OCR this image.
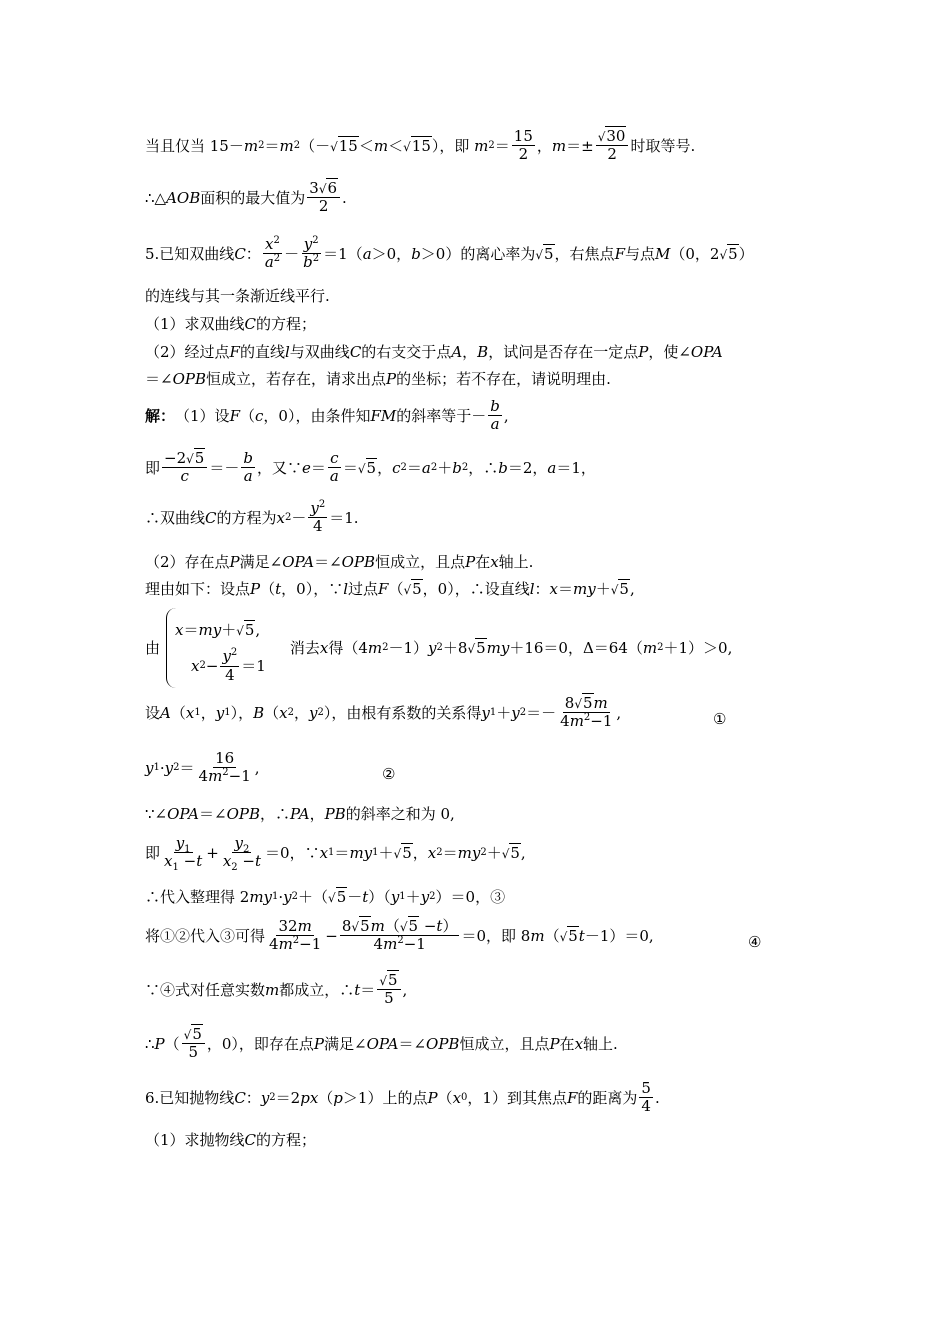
当且仅当 15－ m 2 ＝ m 2 （－ √15 ＜ m ＜ √15 ），即
m $2 = \frac{15}{2}$ ， $m =\pm \frac{√30}{2}$ 时取等号.
∴△ AOB 面积的最大值为 $\frac{3√6}{2}$ .
5.已知双曲线 C ： $\frac{x^2}{a^2} - \frac{y^2}{b^2} =1$（ a ＞0， b ＞0）的离心率为 √5 ，右焦点 F 与点 M （0，2 √5 ）
的连线与其一条渐近线平行.
（1）求双曲线 C 的方程；
（2）经过点 F 的直线 l 与双曲线 C 的右支交于点 A ， B ，试问是否存在一定点 P ，使∠ OPA
＝∠ OPB 恒成立，若存在，请求出点 P 的坐标；若不存在，请说明理由.
解： （1）设 F （ c ，0），由条件知 FM 的斜率等于－ $\frac{b}{a}$ ,
即 $\frac{-2√5}{c} =- \frac{b}{a}$ ，又∵ $e = \frac{c}{a} = √5$ ， c 2 ＝ a 2 ＋ b 2 ，∴ b ＝2， a ＝1，
∴双曲线 C 的方程为 x $2 - \frac{y^2}{4} =1$.
（2）存在点 P 满足∠ OPA ＝∠ OPB 恒成立，且点 P 在 x 轴上.
理由如下：设点 P （ t ，0），∵ l 过点 F （ √5 ，0），∴设直线 l ： x ＝ my ＋ √5 ,
由
x ＝ my ＋ √5 ,
x $2 - \frac{y^2}{4} =1$
消去 x 得（4 m 2 －1） y 2 ＋8 √5 my ＋16＝0，Δ＝64（ m 2 ＋1）＞0,
设 A （ x 1 ， y 1 ）， B （ x 2 ， y 2 ），由根有系数的关系得 y 1 ＋ y $2 =- \frac{8√5m}{4m^2-1}$ ,	①
y 1 · y $2 = \frac{16}{4m^2-1}$ ,	②
∵∠ OPA ＝∠ OPB ，∴ PA ， PB 的斜率之和为 0,
即 $\frac{y_1}{x_1 -t} + \frac{y_2}{x_2 -t} =0$，∵ x 1 ＝ my 1 ＋ √5 ， x 2 ＝ my 2 ＋ √5 ,
∴代入整理得 2 my 1 · y 2 ＋（ √5 － t ）（ y 1 ＋ y 2 ）＝0，③
将①②代入③可得 $\frac{32m}{4m^2-1} - \frac{8√5m(√5 -t)}{4m^2-1} =0$，即 8 m （ √5 t －1）＝0,	④
∵④式对任意实数 m 都成立，∴ $t = \frac{√5}{5}$ ,
∴ P （ $\frac{√5}{5}$ ，0），即存在点 P 满足∠ OPA ＝∠ OPB 恒成立，且点 P 在 x 轴上.
6.已知抛物线 C ： y 2 ＝2 px （ p ＞1）上的点 P （ x 0 ，1）到其焦点 F 的距离为 $\frac{5}{4}$ .
（1）求抛物线 C 的方程；
